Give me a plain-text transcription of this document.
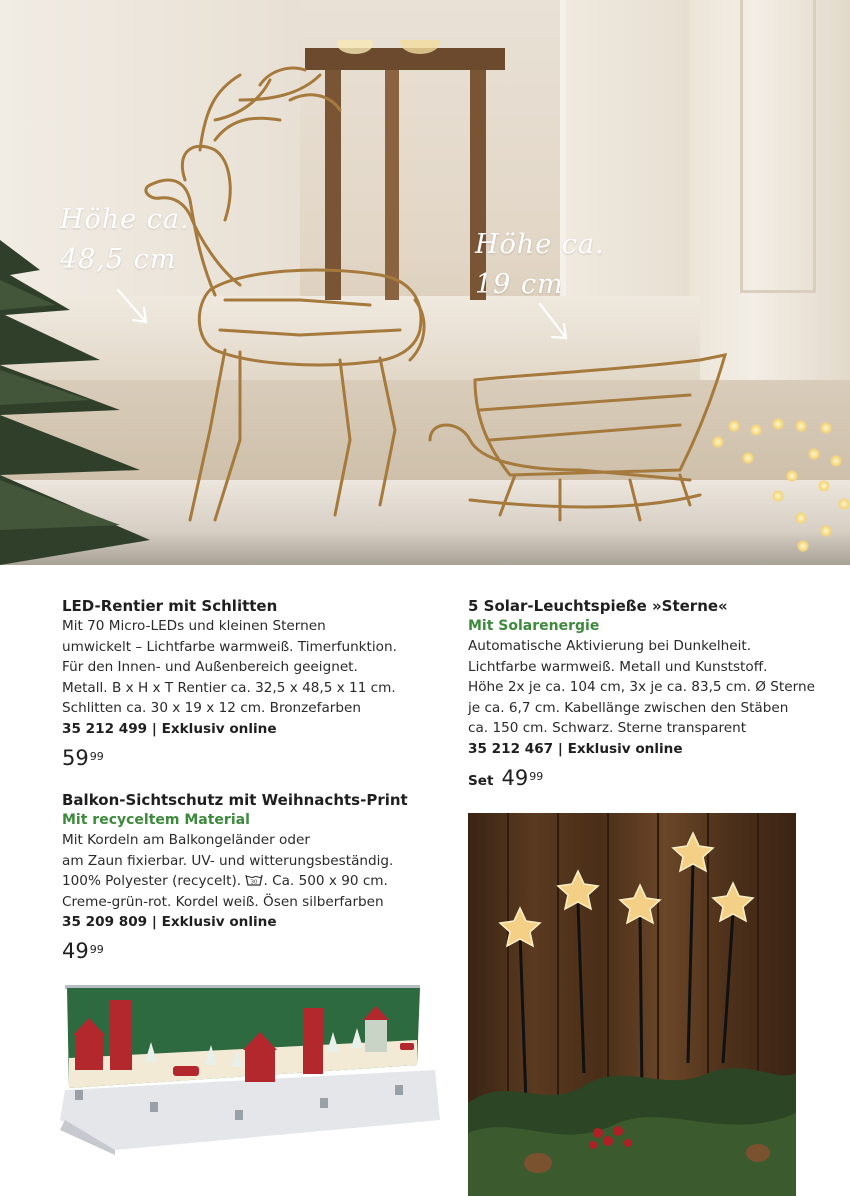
Höhe ca.
48,5 cm	Höhe ca.
19 cm

LED-Rentier mit Schlitten

Mit 70 Micro-LEDs und kleinen Sternen

umwickelt – Lichtfarbe warmweiß. Timerfunktion.

Für den Innen- und Außenbereich geeignet.

Metall. B x H x T Rentier ca. 32,5 x 48,5 x 11 cm.

Schlitten ca. 30 x 19 x 12 cm. Bronzefarben

35 212 499 | Exklusiv online

$59^{99}$

Balkon-Sichtschutz mit Weihnachts-Print

Mit recyceltem Material

Mit Kordeln am Balkongeländer oder

am Zaun fixierbar. UV- und witterungsbeständig.

100% Polyester (recycelt). 30 . Ca. 500 x 90 cm.

Creme-grün-rot. Kordel weiß. Ösen silberfarben

35 209 809 | Exklusiv online

$49^{99}$

5 Solar-Leuchtspieße »Sterne«

Mit Solarenergie

Automatische Aktivierung bei Dunkelheit.

Lichtfarbe warmweiß. Metall und Kunststoff.

Höhe 2x je ca. 104 cm, 3x je ca. 83,5 cm. Ø Sterne

je ca. 6,7 cm. Kabellänge zwischen den Stäben

ca. 150 cm. Schwarz. Sterne transparent

35 212 467 | Exklusiv online

Set $49^{99}$
